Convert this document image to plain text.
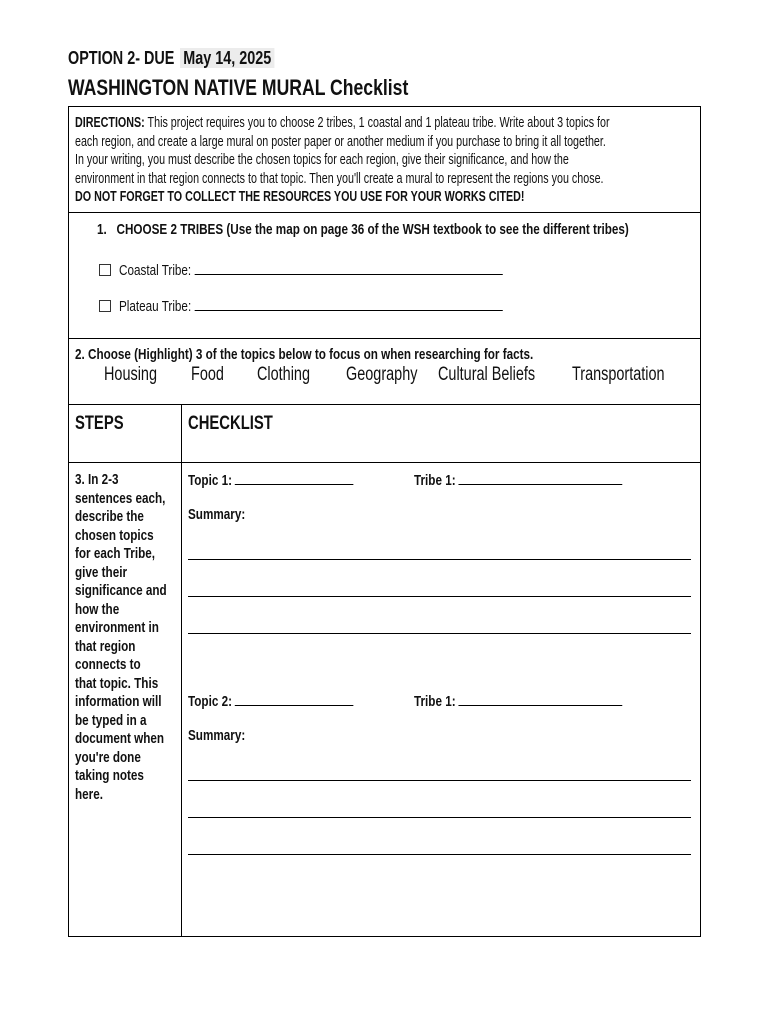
OPTION 2- DUE May 14, 2025
WASHINGTON NATIVE MURAL Checklist
DIRECTIONS: This project requires you to choose 2 tribes, 1 coastal and 1 plateau tribe. Write about 3 topics for
each region, and create a large mural on poster paper or another medium if you purchase to bring it all together.
In your writing, you must describe the chosen topics for each region, give their significance, and how the
environment in that region connects to that topic. Then you'll create a mural to represent the regions you chose.
DO NOT FORGET TO COLLECT THE RESOURCES YOU USE FOR YOUR WORKS CITED!
1. CHOOSE 2 TRIBES (Use the map on page 36 of the WSH textbook to see the different tribes)
Coastal Tribe:
Plateau Tribe:
2. Choose (Highlight) 3 of the topics below to focus on when researching for facts.
Housing	Food	Clothing	Geography	Cultural Beliefs	Transportation
STEPS	CHECKLIST
3. In 2-3
sentences each,
describe the
chosen topics
for each Tribe,
give their
significance and
how the
environment in
that region
connects to
that topic. This
information will
be typed in a
document when
you're done
taking notes
here.
Topic 1:	Tribe 1:
Summary:
Topic 2:	Tribe 1:
Summary:
